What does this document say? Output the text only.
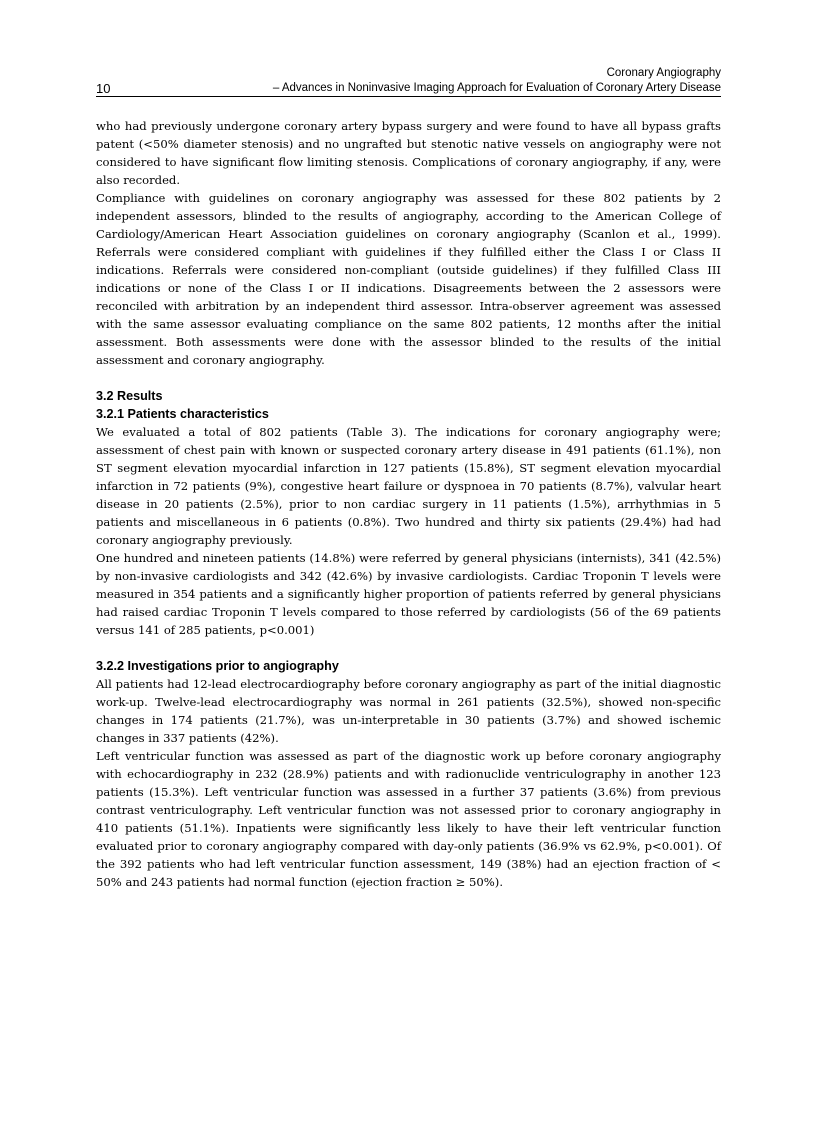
10
Coronary Angiography
– Advances in Noninvasive Imaging Approach for Evaluation of Coronary Artery Disease

who had previously undergone coronary artery bypass surgery and were found to have all bypass grafts patent (<50% diameter stenosis) and no ungrafted but stenotic native vessels on angiography were not considered to have significant flow limiting stenosis. Complications of coronary angiography, if any, were also recorded.

Compliance with guidelines on coronary angiography was assessed for these 802 patients by 2 independent assessors, blinded to the results of angiography, according to the American College of Cardiology/American Heart Association guidelines on coronary angiography (Scanlon et al., 1999). Referrals were considered compliant with guidelines if they fulfilled either the Class I or Class II indications. Referrals were considered non-compliant (outside guidelines) if they fulfilled Class III indications or none of the Class I or II indications. Disagreements between the 2 assessors were reconciled with arbitration by an independent third assessor. Intra-observer agreement was assessed with the same assessor evaluating compliance on the same 802 patients, 12 months after the initial assessment. Both assessments were done with the assessor blinded to the results of the initial assessment and coronary angiography.

3.2 Results

3.2.1 Patients characteristics

We evaluated a total of 802 patients (Table 3). The indications for coronary angiography were; assessment of chest pain with known or suspected coronary artery disease in 491 patients (61.1%), non ST segment elevation myocardial infarction in 127 patients (15.8%), ST segment elevation myocardial infarction in 72 patients (9%), congestive heart failure or dyspnoea in 70 patients (8.7%), valvular heart disease in 20 patients (2.5%), prior to non cardiac surgery in 11 patients (1.5%), arrhythmias in 5 patients and miscellaneous in 6 patients (0.8%). Two hundred and thirty six patients (29.4%) had had coronary angiography previously.

One hundred and nineteen patients (14.8%) were referred by general physicians (internists), 341 (42.5%) by non-invasive cardiologists and 342 (42.6%) by invasive cardiologists. Cardiac Troponin T levels were measured in 354 patients and a significantly higher proportion of patients referred by general physicians had raised cardiac Troponin T levels compared to those referred by cardiologists (56 of the 69 patients versus 141 of 285 patients, p<0.001)

3.2.2 Investigations prior to angiography

All patients had 12-lead electrocardiography before coronary angiography as part of the initial diagnostic work-up. Twelve-lead electrocardiography was normal in 261 patients (32.5%), showed non-specific changes in 174 patients (21.7%), was un-interpretable in 30 patients (3.7%) and showed ischemic changes in 337 patients (42%).

Left ventricular function was assessed as part of the diagnostic work up before coronary angiography with echocardiography in 232 (28.9%) patients and with radionuclide ventriculography in another 123 patients (15.3%). Left ventricular function was assessed in a further 37 patients (3.6%) from previous contrast ventriculography. Left ventricular function was not assessed prior to coronary angiography in 410 patients (51.1%). Inpatients were significantly less likely to have their left ventricular function evaluated prior to coronary angiography compared with day-only patients (36.9% vs 62.9%, p<0.001). Of the 392 patients who had left ventricular function assessment, 149 (38%) had an ejection fraction of < 50% and 243 patients had normal function (ejection fraction ≥ 50%).
